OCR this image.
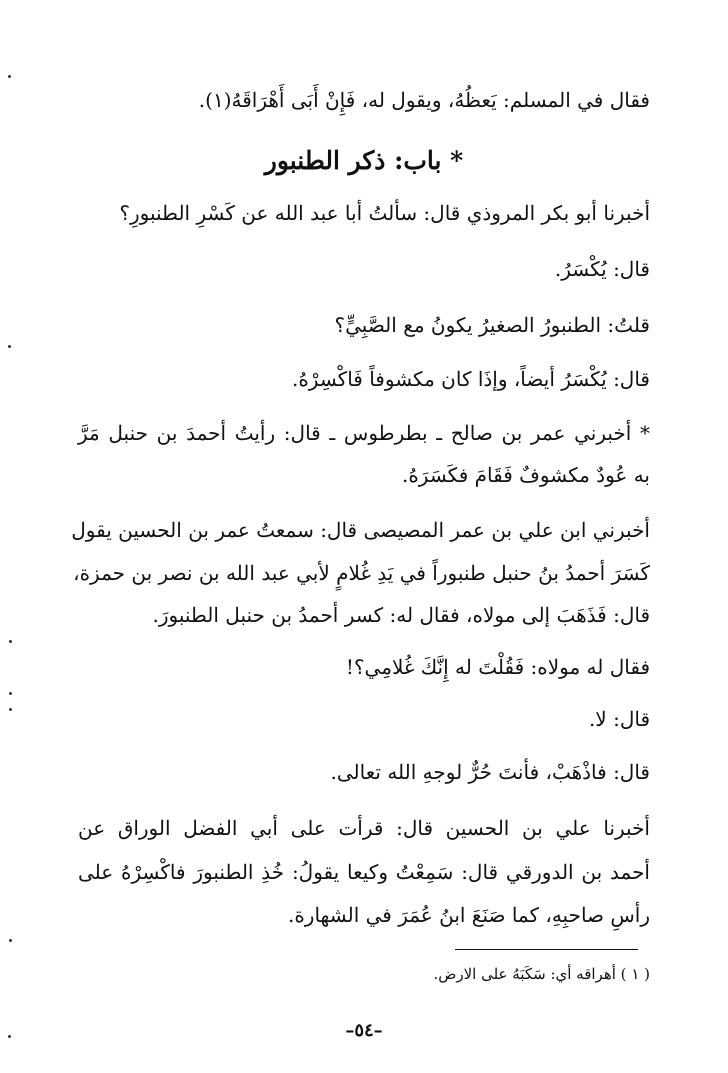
فقال في المسلم: يَعظُهُ، ويقول له، فَإِنْ أَبَى أَهْرَاقَهُ(١).
* باب: ذكر الطنبور
أخبرنا أبو بكر المروذي قال: سألتُ أبا عبد الله عن كَسْرِ الطنبورِ؟
قال: يُكْسَرُ.
قلتُ: الطنبورُ الصغيرُ يكونُ مع الصَّبِيٍّ؟
قال: يُكْسَرُ أيضاً، وإذَا كان مكشوفاً فَاكْسِرْهُ.
* أخبرني عمر بن صالح ـ بطرطوس ـ قال: رأيتُ أحمدَ بن حنبل مَرَّ
به عُودٌ مكشوفٌ فَقَامَ فكَسَرَهُ.
أخبرني ابن علي بن عمر المصيصى قال: سمعتُ عمر بن الحسين يقول
كَسَرَ أحمدُ بنُ حنبل طنبوراً في يَدِ غُلامٍ لأبي عبد الله بن نصر بن حمزة،
قال: فَذَهَبَ إلى مولاه، فقال له: كسر أحمدُ بن حنبل الطنبورَ.
فقال له مولاه: فَقُلْتَ له إِنَّكَ غُلامِي؟!
قال: لا.
قال: فاذْهَبْ، فأنتَ حُرٌّ لوجهِ الله تعالى.
أخبرنا علي بن الحسين قال: قرأت على أبي الفضل الوراق عن
أحمد بن الدورقي قال: سَمِعْتُ وكيعا يقولُ: خُذِ الطنبورَ فاكْسِرْهُ على
رأسِ صاحبِهِ، كما صَنَعَ ابنُ عُمَرَ في الشهارة.
( ١ ) أهراقه أي: سَكَبَهُ على الارض.
–٥٤–
